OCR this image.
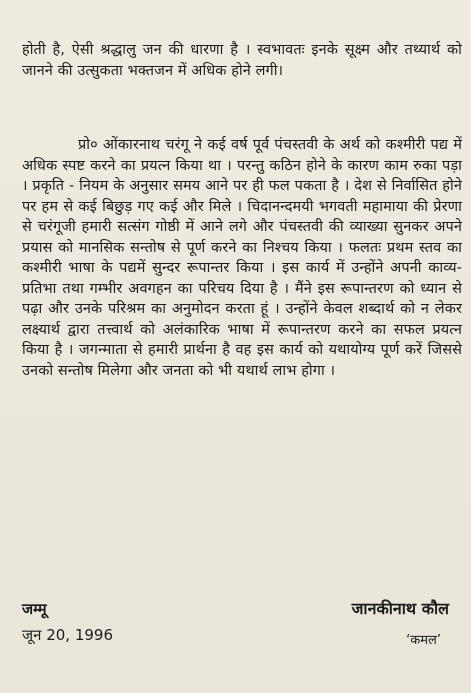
होती है, ऐसी श्रद्धालु जन की धारणा है । स्वभावतः इनके सूक्ष्म और तथ्यार्थ को जानने की उत्सुकता भक्तजन में अधिक होने लगी।

प्रो० ओंकारनाथ चरंगू ने कई वर्ष पूर्व पंचस्तवी के अर्थ को कश्मीरी पद्य में अधिक स्पष्ट करने का प्रयत्न किया था । परन्तु कठिन होने के कारण काम रुका पड़ा । प्रकृति - नियम के अनुसार समय आने पर ही फल पकता है । देश से निर्वासित होने पर हम से कई बिछुड़ गए कई और मिले । चिदानन्दमयी भगवती महामाया की प्रेरणा से चरंगूजी हमारी सत्संग गोष्ठी में आने लगे और पंचस्तवी की व्याख्या सुनकर अपने प्रयास को मानसिक सन्तोष से पूर्ण करने का निश्चय किया । फलतः प्रथम स्तव का कश्मीरी भाषा के पद्यमें सुन्दर रूपान्तर किया । इस कार्य में उन्होंने अपनी काव्य-प्रतिभा तथा गम्भीर अवगहन का परिचय दिया है । मैंने इस रूपान्तरण को ध्यान से पढ़ा और उनके परिश्रम का अनुमोदन करता हूं । उन्होंने केवल शब्दार्थ को न लेकर लक्ष्यार्थ द्वारा तत्त्वार्थ को अलंकारिक भाषा में रूपान्तरण करने का सफल प्रयत्न किया है । जगन्माता से हमारी प्रार्थना है वह इस कार्य को यथायोग्य पूर्ण करें जिससे उनको सन्तोष मिलेगा और जनता को भी यथार्थ लाभ होगा ।

जम्मू
जून 20, 1996
जानकीनाथ कौल
‘कमल’
